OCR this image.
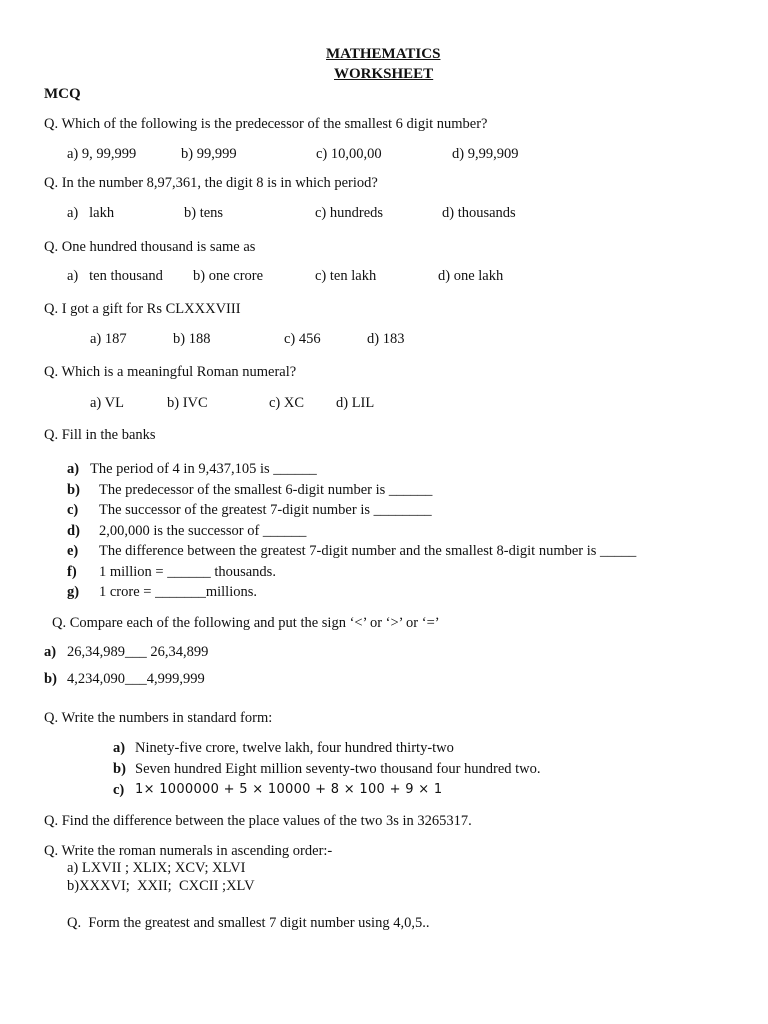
MATHEMATICS
WORKSHEET
MCQ
Q. Which of the following is the predecessor of the smallest 6 digit number?
a) 9, 99,999	b) 99,999	c) 10,00,00	d) 9,99,909
Q. In the number 8,97,361, the digit 8 is in which period?
a)   lakh	b) tens	c) hundreds	d) thousands
Q. One hundred thousand is same as
a)   ten thousand b) one crore	c) ten lakh	d) one lakh
Q. I got a gift for Rs CLXXXVIII
a) 187	b) 188	c) 456	d) 183
Q. Which is a meaningful Roman numeral?
a) VL	b) IVC	c) XC d) LIL
Q. Fill in the banks
a) The period of 4 in 9,437,105 is ______
b) The predecessor of the smallest 6-digit number is ______
c) The successor of the greatest 7-digit number is ________
d) 2,00,000 is the successor of ______
e) The difference between the greatest 7-digit number and the smallest 8-digit number is _____
f) 1 million = ______ thousands.
g) 1 crore = _______millions.
Q. Compare each of the following and put the sign ‘<’ or ‘>’ or ‘=’
a) 26,34,989___ 26,34,899
b) 4,234,090___4,999,999
Q. Write the numbers in standard form:
a) Ninety-five crore, twelve lakh, four hundred thirty-two
b) Seven hundred Eight million seventy-two thousand four hundred two.
c) 1× 1000000 + 5 × 10000 + 8 × 100 + 9 × 1
Q. Find the difference between the place values of the two 3s in 3265317.
Q. Write the roman numerals in ascending order:-
a) LXVII ; XLIX; XCV; XLVI
b)XXXVI;  XXII;  CXCII ;XLV
Q.  Form the greatest and smallest 7 digit number using 4,0,5..
